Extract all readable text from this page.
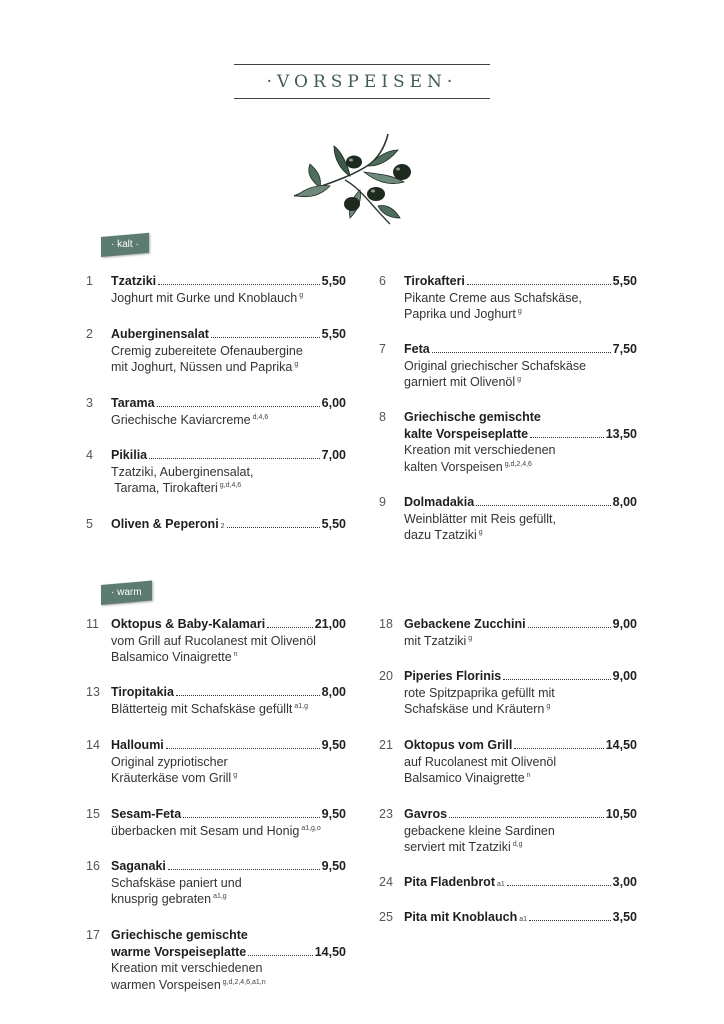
·VORSPEISEN·
· kalt ·
· warm
1	Tzatziki	5,50
Joghurt mit Gurke und Knoblauch $^g$
2	Auberginensalat	5,50
Cremig zubereitete Ofenaubergine
mit Joghurt, Nüssen und Paprika $^g$
3	Tarama	6,00
Griechische Kaviarcreme $^{d,4,6}$
4	Pikilia	7,00
Tzatziki, Auberginensalat,
Tarama, Tirokafteri $^{g,d,4,6}$
5	Oliven & Peperoni 2	5,50
6	Tirokafteri	5,50
Pikante Creme aus Schafskäse,
Paprika und Joghurt $^g$
7	Feta	7,50
Original griechischer Schafskäse
garniert mit Olivenöl $^g$
8	Griechische gemischte
kalte Vorspeiseplatte	13,50
Kreation mit verschiedenen
kalten Vorspeisen $^{g,d,2,4,6}$
9	Dolmadakia	8,00
Weinblätter mit Reis gefüllt,
dazu Tzatziki $^g$
11 Oktopus & Baby-Kalamari	21,00
vom Grill auf Rucolanest mit Olivenöl
Balsamico Vinaigrette $^n$
13 Tiropitakia	8,00
Blätterteig mit Schafskäse gefüllt $^{a1,g}$
14 Halloumi	9,50
Original zypriotischer
Kräuterkäse vom Grill $^g$
15 Sesam-Feta	9,50
überbacken mit Sesam und Honig $^{a1,g,o}$
16 Saganaki	9,50
Schafskäse paniert und
knusprig gebraten $^{a1,g}$
17 Griechische gemischte
warme Vorspeiseplatte	14,50
Kreation mit verschiedenen
warmen Vorspeisen $^{g,d,2,4,6,a1,n}$
18 Gebackene Zucchini	9,00
mit Tzatziki $^g$
20 Piperies Florinis	9,00
rote Spitzpaprika gefüllt mit
Schafskäse und Kräutern $^g$
21 Oktopus vom Grill	14,50
auf Rucolanest mit Olivenöl
Balsamico Vinaigrette $^n$
23 Gavros	10,50
gebackene kleine Sardinen
serviert mit Tzatziki $^{d,g}$
24 Pita Fladenbrot a1	3,00
25 Pita mit Knoblauch a1	3,50
